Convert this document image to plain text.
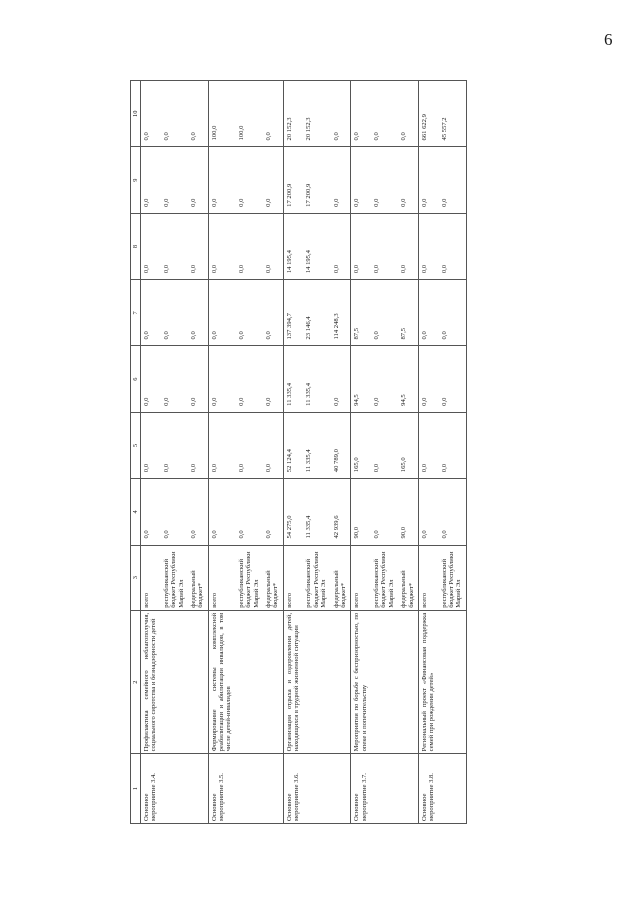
6
1	2	3	4	5	6	7	8	9	10
Основное мероприятие 3.4.	Профилактика семейного неблагополучия, социального сиротства и безнадзорности детей	всего	0,0	0,0	0,0	0,0	0,0	0,0	0,0
		республиканский бюджет Республики Марий Эл	0,0	0,0	0,0	0,0	0,0	0,0	0,0
		федеральный бюджет*	0,0	0,0	0,0	0,0	0,0	0,0	0,0
Основное мероприятие 3.5.	Формирование системы комплексной реабилитации и абилитации инвалидов, в том числе детей-инвалидов	всего	0,0	0,0	0,0	0,0	0,0	0,0	100,0
		республиканский бюджет Республики Марий Эл	0,0	0,0	0,0	0,0	0,0	0,0	100,0
		федеральный бюджет*	0,0	0,0	0,0	0,0	0,0	0,0	0,0
Основное мероприятие 3.6.	Организация отдыха и оздоровления детей, находящихся в трудной жизненной ситуации	всего	54 275,0	52 124,4	11 335,4	137 394,7	14 195,4	17 200,9	20 152,3
		республиканский бюджет Республики Марий Эл	11 335,4	11 335,4	11 335,4	23 146,4	14 195,4	17 200,9	20 152,3
		федеральный бюджет*	42 939,6	40 789,0	0,0	114 248,3	0,0	0,0	0,0
Основное мероприятие 3.7.	Мероприятия по борьбе с беспризорностью, по опеке и попечительству	всего	90,0	165,0	94,5	87,5	0,0	0,0	0,0
		республиканский бюджет Республики Марий Эл	0,0	0,0	0,0	0,0	0,0	0,0	0,0
		федеральный бюджет*	90,0	165,0	94,5	87,5	0,0	0,0	0,0
Основное мероприятие 3.8.	Региональный проект «Финансовая поддержка семей при рождении детей»	всего	0,0	0,0	0,0	0,0	0,0	0,0	661 622,9
		республиканский бюджет Республики Марий Эл	0,0	0,0	0,0	0,0	0,0	0,0	45 557,2
